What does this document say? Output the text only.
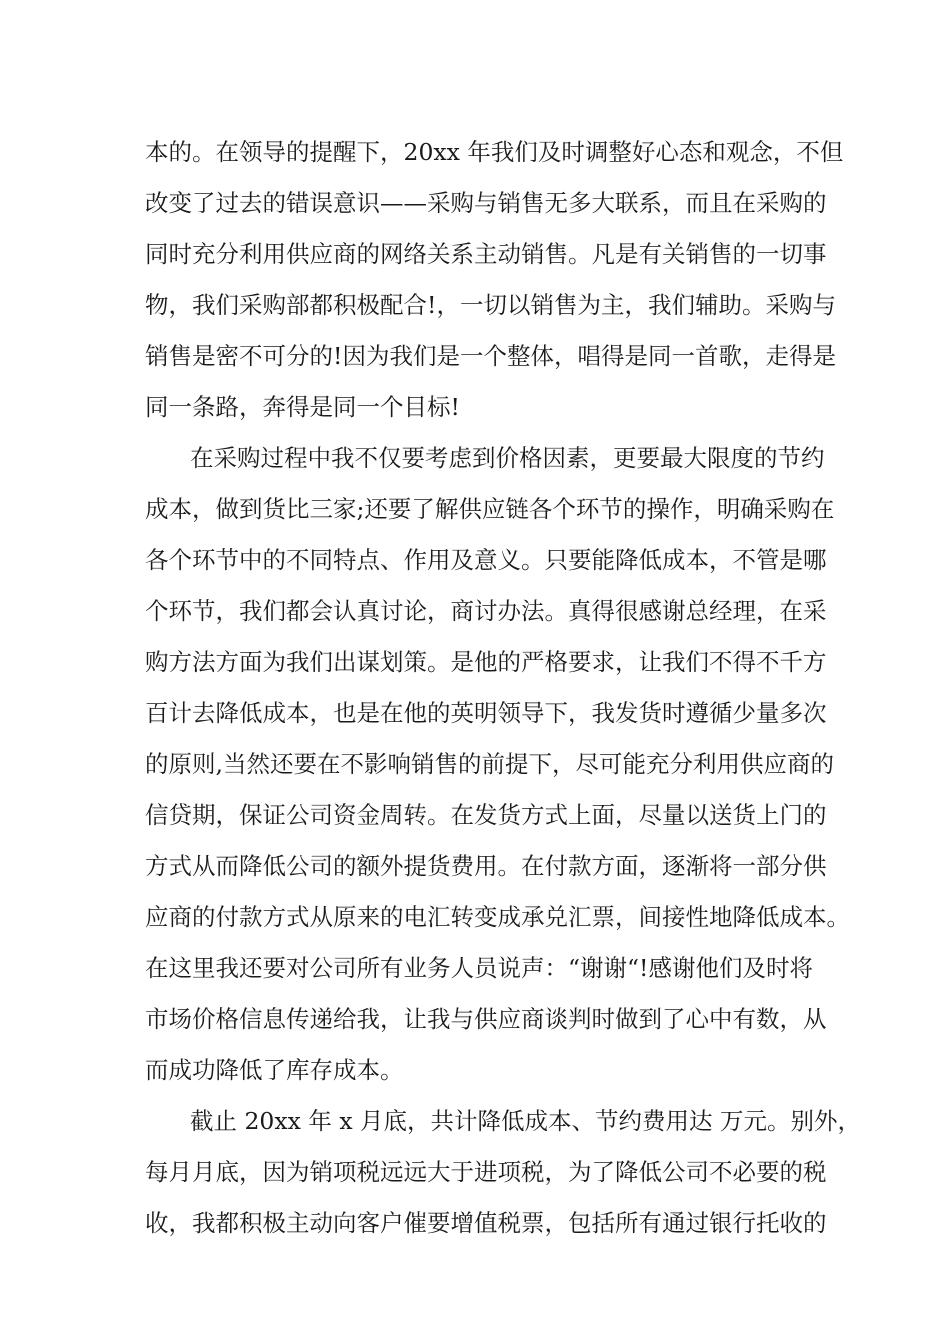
本的。在领导的提醒下，20xx 年我们及时调整好心态和观念，不但
改变了过去的错误意识——采购与销售无多大联系，而且在采购的
同时充分利用供应商的网络关系主动销售。凡是有关销售的一切事
物，我们采购部都积极配合!，一切以销售为主，我们辅助。采购与
销售是密不可分的!因为我们是一个整体，唱得是同一首歌，走得是
同一条路，奔得是同一个目标!
在采购过程中我不仅要考虑到价格因素，更要最大限度的节约
成本，做到货比三家;还要了解供应链各个环节的操作，明确采购在
各个环节中的不同特点、作用及意义。只要能降低成本，不管是哪
个环节，我们都会认真讨论，商讨办法。真得很感谢总经理，在采
购方法方面为我们出谋划策。是他的严格要求，让我们不得不千方
百计去降低成本，也是在他的英明领导下，我发货时遵循少量多次
的原则,当然还要在不影响销售的前提下，尽可能充分利用供应商的
信贷期，保证公司资金周转。在发货方式上面，尽量以送货上门的
方式从而降低公司的额外提货费用。在付款方面，逐渐将一部分供
应商的付款方式从原来的电汇转变成承兑汇票，间接性地降低成本。
在这里我还要对公司所有业务人员说声：“谢谢“!感谢他们及时将
市场价格信息传递给我，让我与供应商谈判时做到了心中有数，从
而成功降低了库存成本。
截止 20xx 年 x 月底，共计降低成本、节约费用达 万元。别外，
每月月底，因为销项税远远大于进项税，为了降低公司不必要的税
收，我都积极主动向客户催要增值税票，包括所有通过银行托收的
